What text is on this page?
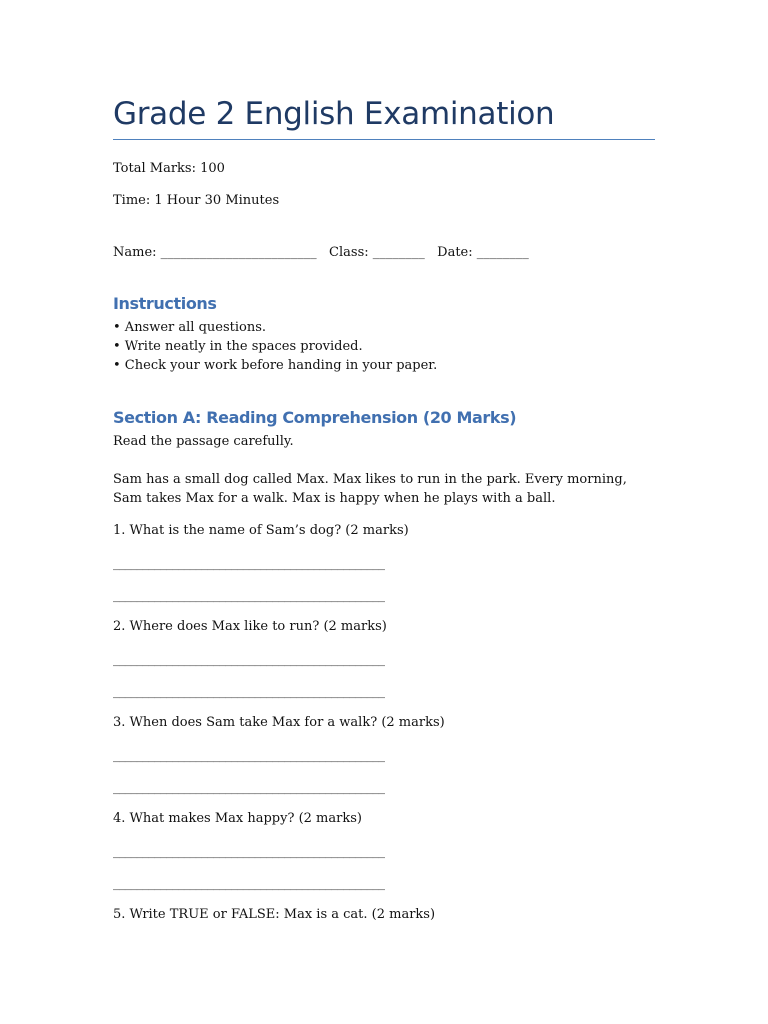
Grade 2 English Examination
Total Marks: 100
Time: 1 Hour 30 Minutes
Name: ________________________   Class: ________   Date: ________
Instructions
• Answer all questions.
• Write neatly in the spaces provided.
• Check your work before handing in your paper.
Section A: Reading Comprehension (20 Marks)
Read the passage carefully.
Sam has a small dog called Max. Max likes to run in the park. Every morning, Sam takes Max for a walk. Max is happy when he plays with a ball.
1. What is the name of Sam’s dog? (2 marks)
______________________________________________
______________________________________________
2. Where does Max like to run? (2 marks)
______________________________________________
______________________________________________
3. When does Sam take Max for a walk? (2 marks)
______________________________________________
______________________________________________
4. What makes Max happy? (2 marks)
______________________________________________
______________________________________________
5. Write TRUE or FALSE: Max is a cat. (2 marks)
